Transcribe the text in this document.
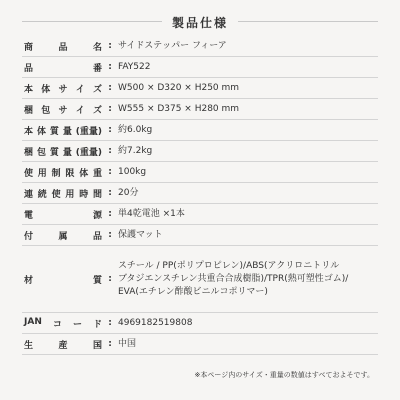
製品仕様
商	品	名 : サイドステッパー フィーア
品	番 : FAY522
本 体 サ イ ズ : W500 × D320 × H250 mm
梱 包 サ イ ズ : W555 × D375 × H280 mm
本 体 質 量 (重量) : 約6.0kg
梱 包 質 量 (重量) : 約7.2kg
使 用 制 限 体 重 : 100kg
連 続 使 用 時 間 : 20分
電	源 : 単4乾電池 ×1本
付	属	品 : 保護マット
材	質 :
スチール / PP(ポリプロピレン)/ABS(アクリロニトリル
ブタジエンスチレン共重合合成樹脂)/TPR(熱可塑性ゴム)/
EVA(エチレン酢酸ビニルコポリマー)
JAN コ ー ド : 4969182519808
生	産	国 : 中国
※本ページ内のサイズ・重量の数値はすべておよそです。
